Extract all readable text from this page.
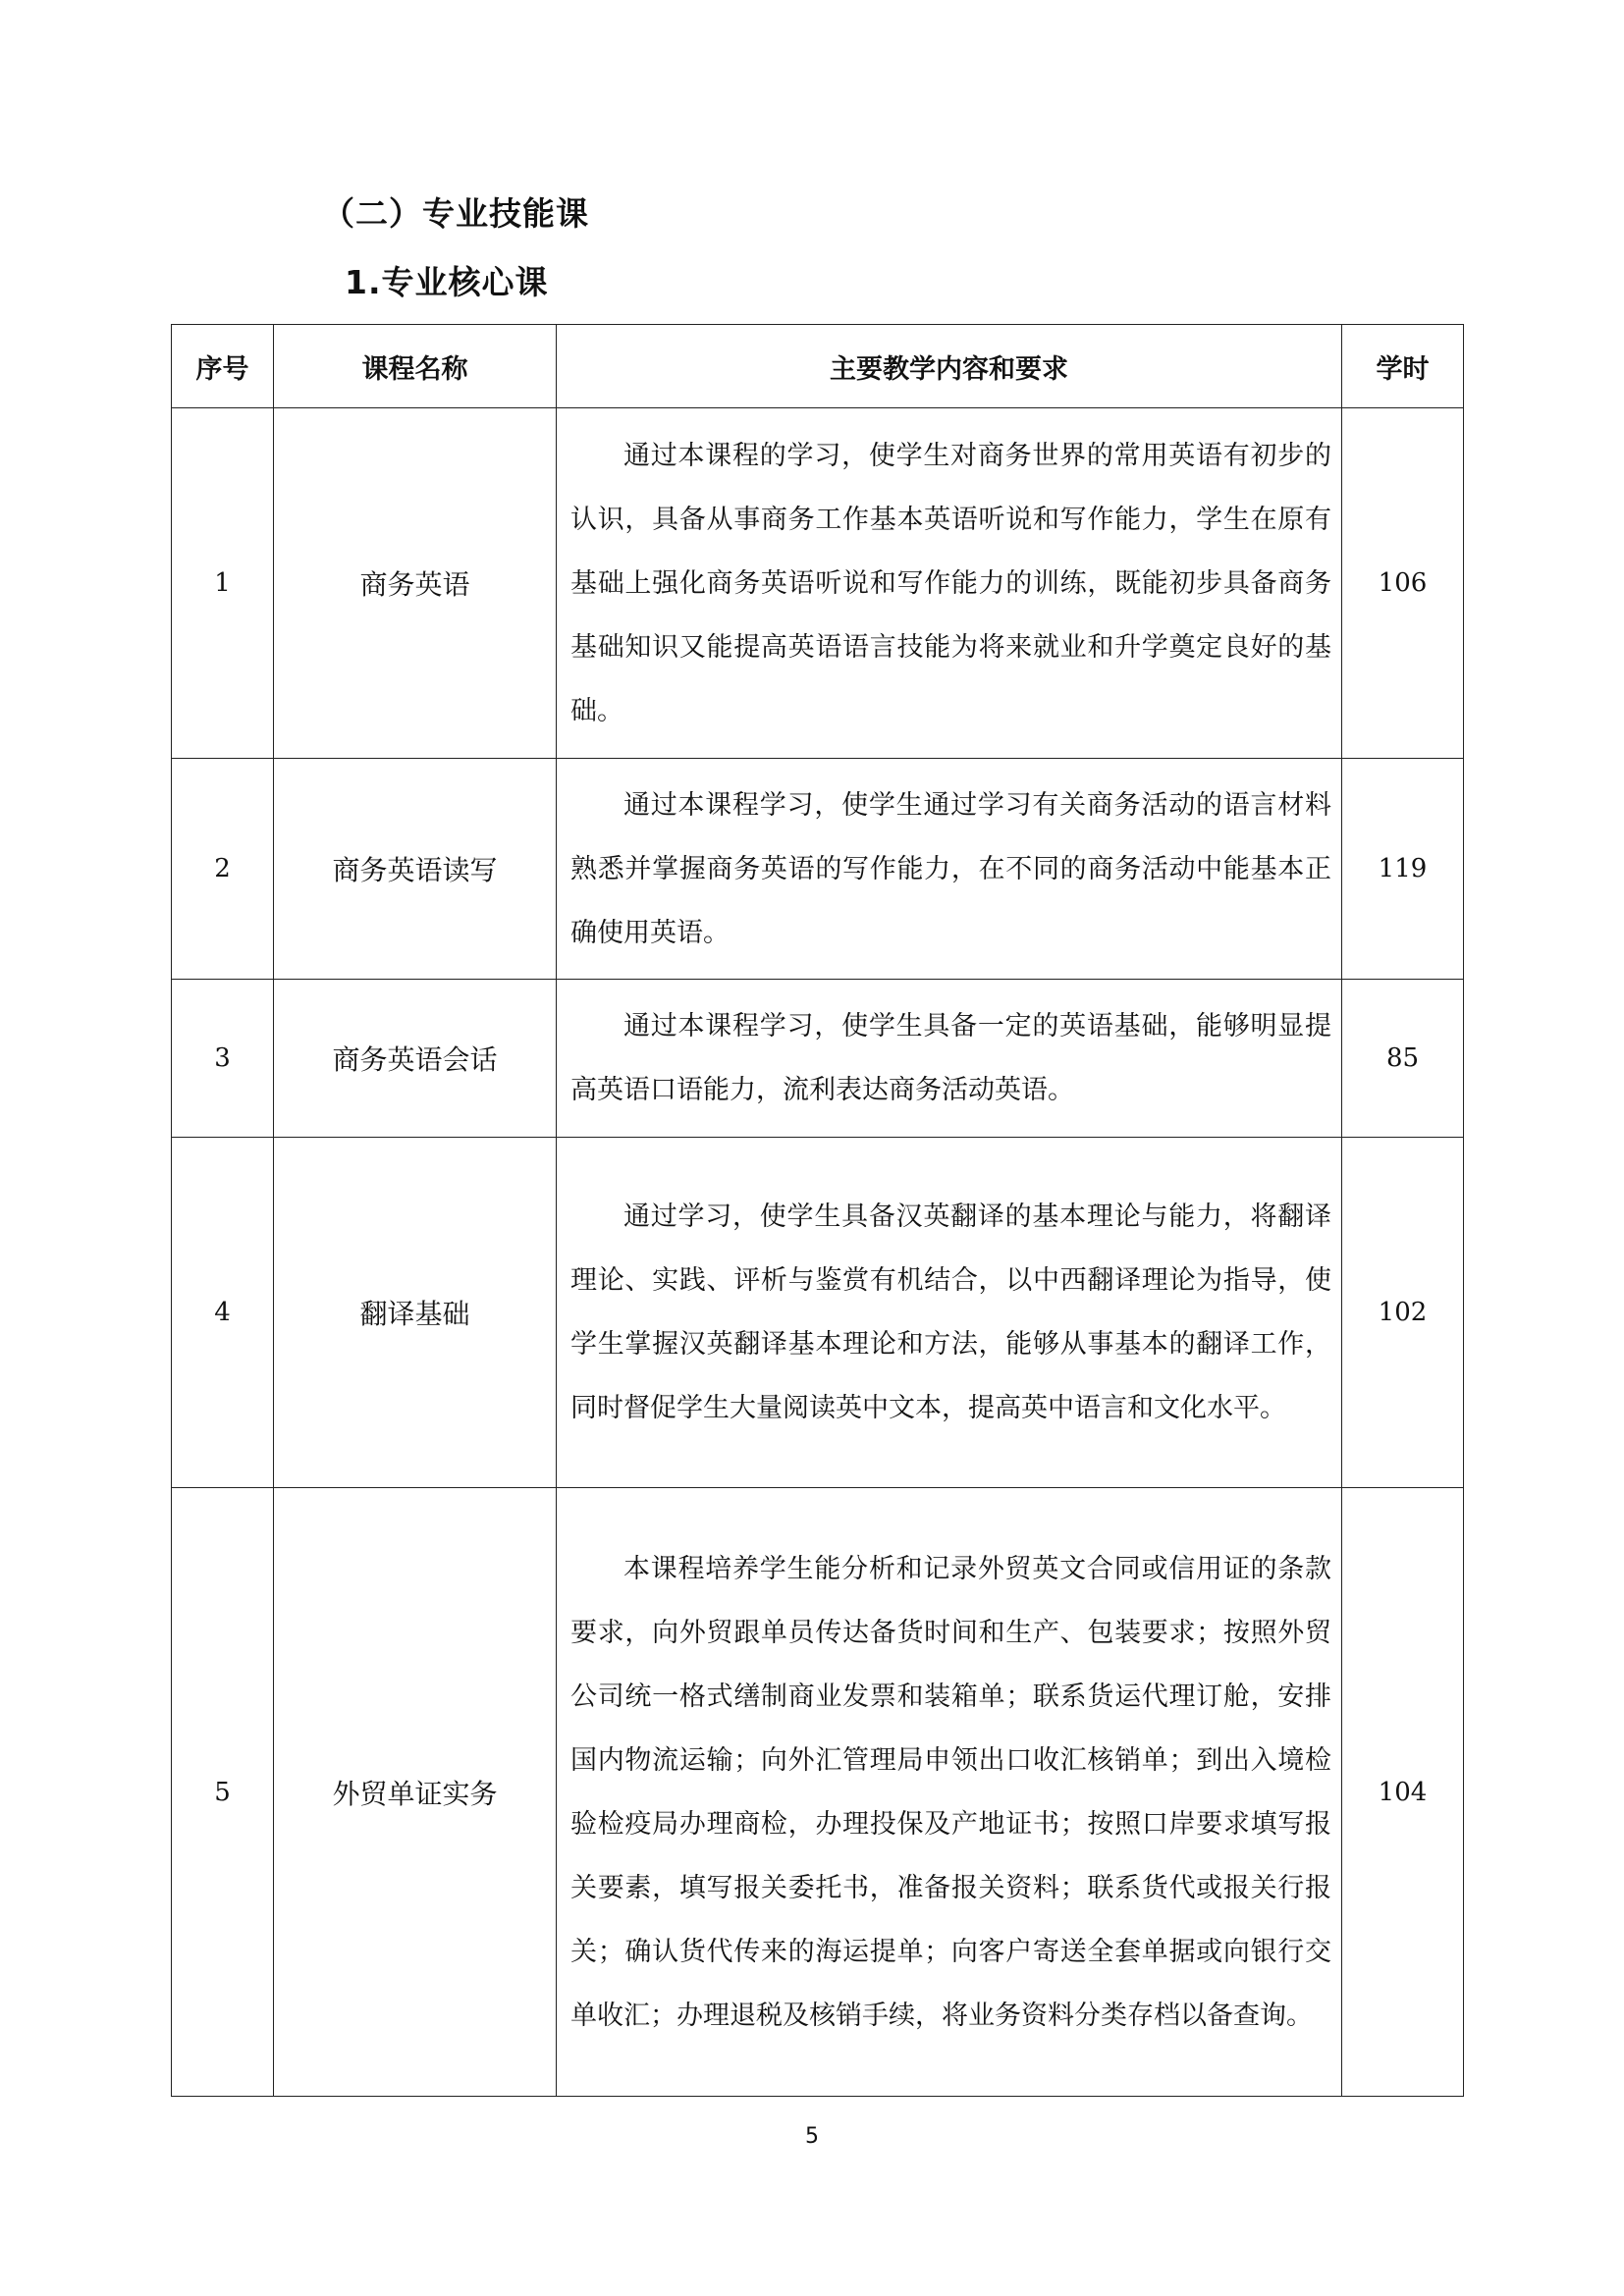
（二）专业技能课
1.专业核心课
序号	课程名称	主要教学内容和要求	学时
1	商务英语	通过本课程的学习，使学生对商务世界的常用英语有初步的认识，具备从事商务工作基本英语听说和写作能力，学生在原有基础上强化商务英语听说和写作能力的训练，既能初步具备商务基础知识又能提高英语语言技能为将来就业和升学奠定良好的基础。	106
2	商务英语读写	通过本课程学习，使学生通过学习有关商务活动的语言材料熟悉并掌握商务英语的写作能力，在不同的商务活动中能基本正确使用英语。	119
3	商务英语会话	通过本课程学习，使学生具备一定的英语基础，能够明显提高英语口语能力，流利表达商务活动英语。	85
4	翻译基础	通过学习，使学生具备汉英翻译的基本理论与能力，将翻译理论、实践、评析与鉴赏有机结合，以中西翻译理论为指导，使学生掌握汉英翻译基本理论和方法，能够从事基本的翻译工作，同时督促学生大量阅读英中文本，提高英中语言和文化水平。	102
5	外贸单证实务	本课程培养学生能分析和记录外贸英文合同或信用证的条款要求，向外贸跟单员传达备货时间和生产、包装要求；按照外贸公司统一格式缮制商业发票和装箱单；联系货运代理订舱，安排国内物流运输；向外汇管理局申领出口收汇核销单；到出入境检验检疫局办理商检，办理投保及产地证书；按照口岸要求填写报关要素，填写报关委托书，准备报关资料；联系货代或报关行报关；确认货代传来的海运提单；向客户寄送全套单据或向银行交单收汇；办理退税及核销手续，将业务资料分类存档以备查询。	104
5
